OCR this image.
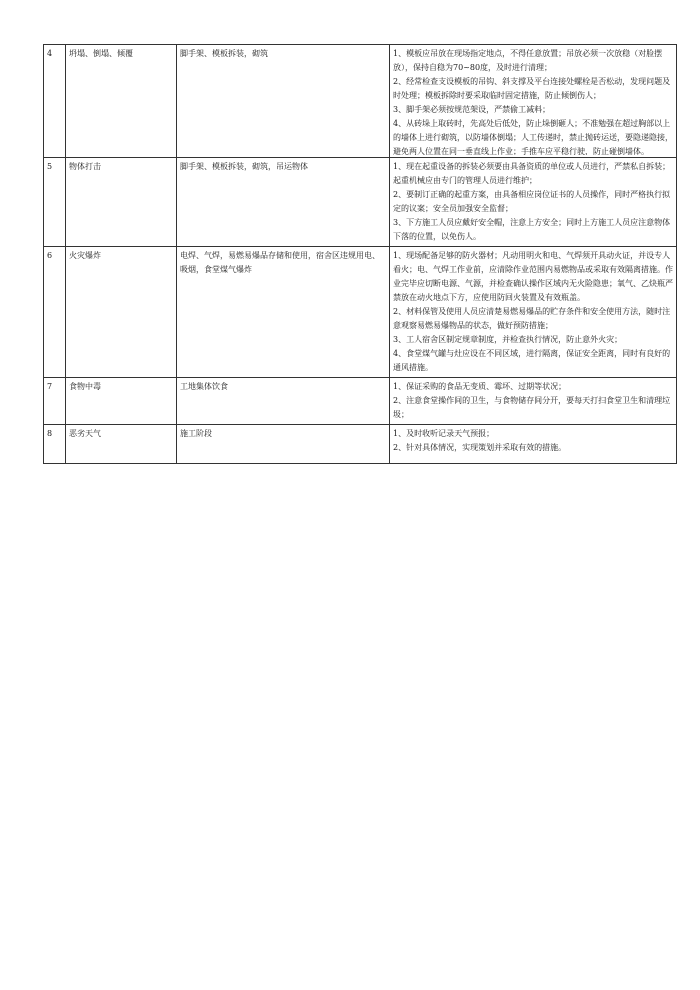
4	坍塌、倒塌、倾覆	脚手架、模板拆装，砌筑	1、模板应吊放在现场指定地点，不得任意放置；吊放必须一次放稳（对脸摆放），保持自稳为70~80度，及时进行清理；
2、经常检查支设模板的吊钩、斜支撑及平台连接处螺栓是否松动，发现问题及时处理；模板拆除时要采取临时固定措施，防止倾倒伤人；
3、脚手架必须按规范架设，严禁偷工减料；
4、从砖垛上取砖时，先高处后低处，防止垛倒砸人；不准勉强在超过胸部以上的墙体上进行砌筑，以防墙体倒塌；人工传递时，禁止抛砖运送，要隐递隐接，避免两人位置在同一垂直线上作业；手推车应平稳行驶，防止碰倒墙体。

5	物体打击	脚手架、模板拆装，砌筑，吊运物体	1、现在起重设备的拆装必须要由具备资质的单位或人员进行，严禁私自拆装；起重机械应由专门的管理人员进行维护；
2、要制订正确的起重方案，由具备相应岗位证书的人员操作，同时严格执行拟定的议案；安全员加强安全监督；
3、下方施工人员应戴好安全帽，注意上方安全；同时上方施工人员应注意物体下落的位置，以免伤人。

6	火灾爆炸	电焊、气焊，易燃易爆品存储和使用，宿舍区违规用电、吸烟，食堂煤气爆炸	1、现场配备足够的防火器材；凡动用明火和电、气焊须开具动火证，并设专人看火；电、气焊工作业前，应清除作业范围内易燃物品或采取有效隔离措施。作业完毕应切断电源、气源，并检查确认操作区域内无火险隐患；氧气、乙炔瓶严禁放在动火地点下方，应使用防回火装置及有效瓶盖。
2、材料保管及使用人员应清楚易燃易爆品的贮存条件和安全使用方法，随时注意观察易燃易爆物品的状态，做好预防措施；
3、工人宿舍区制定规章制度，并检查执行情况，防止意外火灾；
4、食堂煤气罐与灶应设在不同区域，进行隔离，保证安全距离，同时有良好的通风措施。

7	食物中毒	工地集体饮食	1、保证采购的食品无变质、霉坏、过期等状况；
2、注意食堂操作间的卫生，与食物储存间分开，要每天打扫食堂卫生和清理垃圾；

8	恶劣天气	施工阶段	1、及时收听记录天气预报；
2、针对具体情况，实现策划并采取有效的措施。
